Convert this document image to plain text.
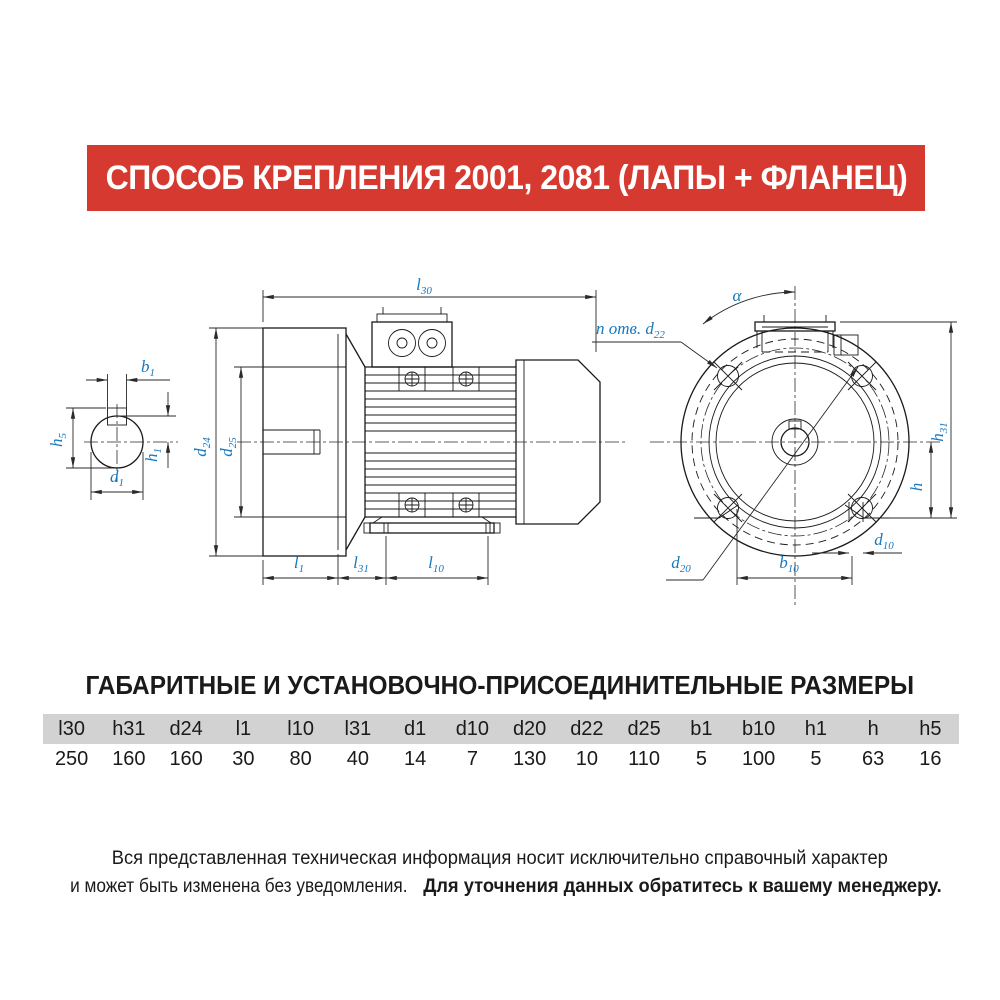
СПОСОБ КРЕПЛЕНИЯ 2001, 2081 (ЛАПЫ + ФЛАНЕЦ)
$b_1$
$h_5$
$h_1$
$d_1$
$l_{30}$
$d_{24}$
$d_{25}$
$l_1$	$l_{31}$	$l_{10}$
α
n отв. $d_{22}$
$h_{31}$
h
$d_{10}$
$b_{10}$
$d_{20}$
ГАБАРИТНЫЕ И УСТАНОВОЧНО-ПРИСОЕДИНИТЕЛЬНЫЕ РАЗМЕРЫ
l30	h31	d24	l1	l10	l31	d1	d10	d20	d22	d25	b1	b10	h1	h	h5
250	160	160	30	80	40	14	7	130	10	110	5	100	5	63	16

Вся представленная техническая информация носит исключительно справочный характер

и может быть изменена без уведомления. Для уточнения данных обратитесь к вашему менеджеру.
